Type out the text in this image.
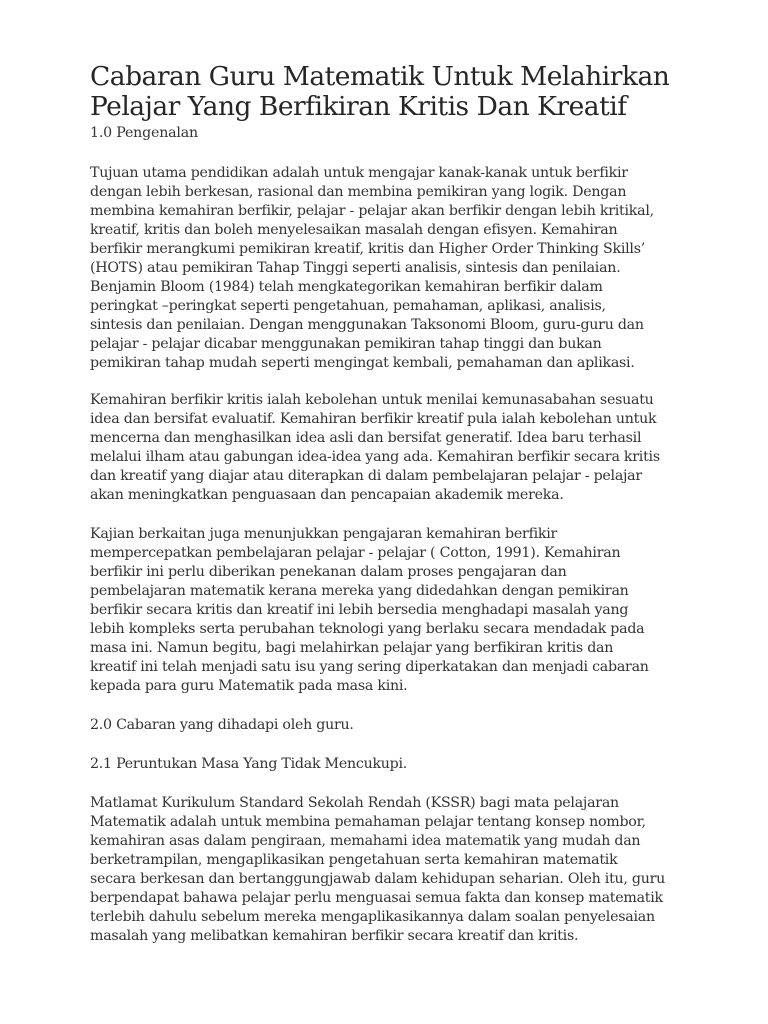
Cabaran Guru Matematik Untuk Melahirkan
Pelajar Yang Berfikiran Kritis Dan Kreatif

1.0 Pengenalan

Tujuan utama pendidikan adalah untuk mengajar kanak-kanak untuk berfikir
dengan lebih berkesan, rasional dan membina pemikiran yang logik. Dengan
membina kemahiran berfikir, pelajar - pelajar akan berfikir dengan lebih kritikal,
kreatif, kritis dan boleh menyelesaikan masalah dengan efisyen. Kemahiran
berfikir merangkumi pemikiran kreatif, kritis dan Higher Order Thinking Skills’
(HOTS) atau pemikiran Tahap Tinggi seperti analisis, sintesis dan penilaian.
Benjamin Bloom (1984) telah mengkategorikan kemahiran berfikir dalam
peringkat –peringkat seperti pengetahuan, pemahaman, aplikasi, analisis,
sintesis dan penilaian. Dengan menggunakan Taksonomi Bloom, guru-guru dan
pelajar - pelajar dicabar menggunakan pemikiran tahap tinggi dan bukan
pemikiran tahap mudah seperti mengingat kembali, pemahaman dan aplikasi.

Kemahiran berfikir kritis ialah kebolehan untuk menilai kemunasabahan sesuatu
idea dan bersifat evaluatif. Kemahiran berfikir kreatif pula ialah kebolehan untuk
mencerna dan menghasilkan idea asli dan bersifat generatif. Idea baru terhasil
melalui ilham atau gabungan idea-idea yang ada. Kemahiran berfikir secara kritis
dan kreatif yang diajar atau diterapkan di dalam pembelajaran pelajar - pelajar
akan meningkatkan penguasaan dan pencapaian akademik mereka.

Kajian berkaitan juga menunjukkan pengajaran kemahiran berfikir
mempercepatkan pembelajaran pelajar - pelajar ( Cotton, 1991). Kemahiran
berfikir ini perlu diberikan penekanan dalam proses pengajaran dan
pembelajaran matematik kerana mereka yang didedahkan dengan pemikiran
berfikir secara kritis dan kreatif ini lebih bersedia menghadapi masalah yang
lebih kompleks serta perubahan teknologi yang berlaku secara mendadak pada
masa ini. Namun begitu, bagi melahirkan pelajar yang berfikiran kritis dan
kreatif ini telah menjadi satu isu yang sering diperkatakan dan menjadi cabaran
kepada para guru Matematik pada masa kini.

2.0 Cabaran yang dihadapi oleh guru.

2.1 Peruntukan Masa Yang Tidak Mencukupi.

Matlamat Kurikulum Standard Sekolah Rendah (KSSR) bagi mata pelajaran
Matematik adalah untuk membina pemahaman pelajar tentang konsep nombor,
kemahiran asas dalam pengiraan, memahami idea matematik yang mudah dan
berketrampilan, mengaplikasikan pengetahuan serta kemahiran matematik
secara berkesan dan bertanggungjawab dalam kehidupan seharian. Oleh itu, guru
berpendapat bahawa pelajar perlu menguasai semua fakta dan konsep matematik
terlebih dahulu sebelum mereka mengaplikasikannya dalam soalan penyelesaian
masalah yang melibatkan kemahiran berfikir secara kreatif dan kritis.
